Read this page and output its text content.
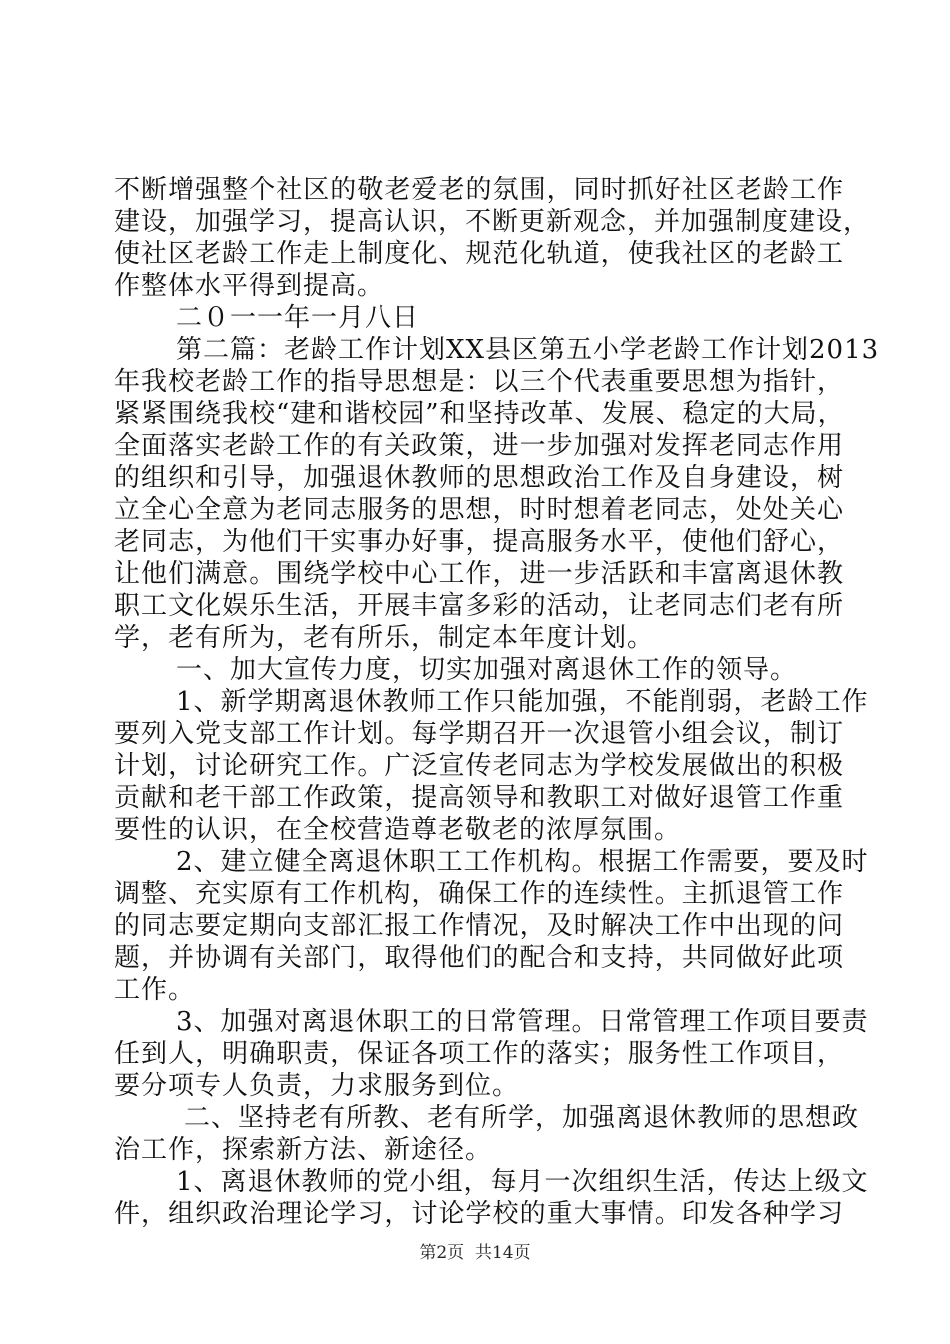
不断增强整个社区的敬老爱老的氛围，同时抓好社区老龄工作
建设，加强学习，提高认识，不断更新观念，并加强制度建设，
使社区老龄工作走上制度化、规范化轨道，使我社区的老龄工
作整体水平得到提高。
二０一一年一月八日
第二篇：老龄工作计划XX县区第五小学老龄工作计划2013
年我校老龄工作的指导思想是：以三个代表重要思想为指针，
紧紧围绕我校“建和谐校园”和坚持改革、发展、稳定的大局，
全面落实老龄工作的有关政策，进一步加强对发挥老同志作用
的组织和引导，加强退休教师的思想政治工作及自身建设，树
立全心全意为老同志服务的思想，时时想着老同志，处处关心
老同志，为他们干实事办好事，提高服务水平，使他们舒心，
让他们满意。围绕学校中心工作，进一步活跃和丰富离退休教
职工文化娱乐生活，开展丰富多彩的活动，让老同志们老有所
学，老有所为，老有所乐，制定本年度计划。
一、加大宣传力度，切实加强对离退休工作的领导。
1、新学期离退休教师工作只能加强，不能削弱，老龄工作
要列入党支部工作计划。每学期召开一次退管小组会议，制订
计划，讨论研究工作。广泛宣传老同志为学校发展做出的积极
贡献和老干部工作政策，提高领导和教职工对做好退管工作重
要性的认识，在全校营造尊老敬老的浓厚氛围。
2、建立健全离退休职工工作机构。根据工作需要，要及时
调整、充实原有工作机构，确保工作的连续性。主抓退管工作
的同志要定期向支部汇报工作情况，及时解决工作中出现的问
题，并协调有关部门，取得他们的配合和支持，共同做好此项
工作。
3、加强对离退休职工的日常管理。日常管理工作项目要责
任到人，明确职责，保证各项工作的落实；服务性工作项目，
要分项专人负责，力求服务到位。
二、坚持老有所教、老有所学，加强离退休教师的思想政
治工作，探索新方法、新途径。
1、离退休教师的党小组，每月一次组织生活，传达上级文
件，组织政治理论学习，讨论学校的重大事情。印发各种学习
第2页  共14页
